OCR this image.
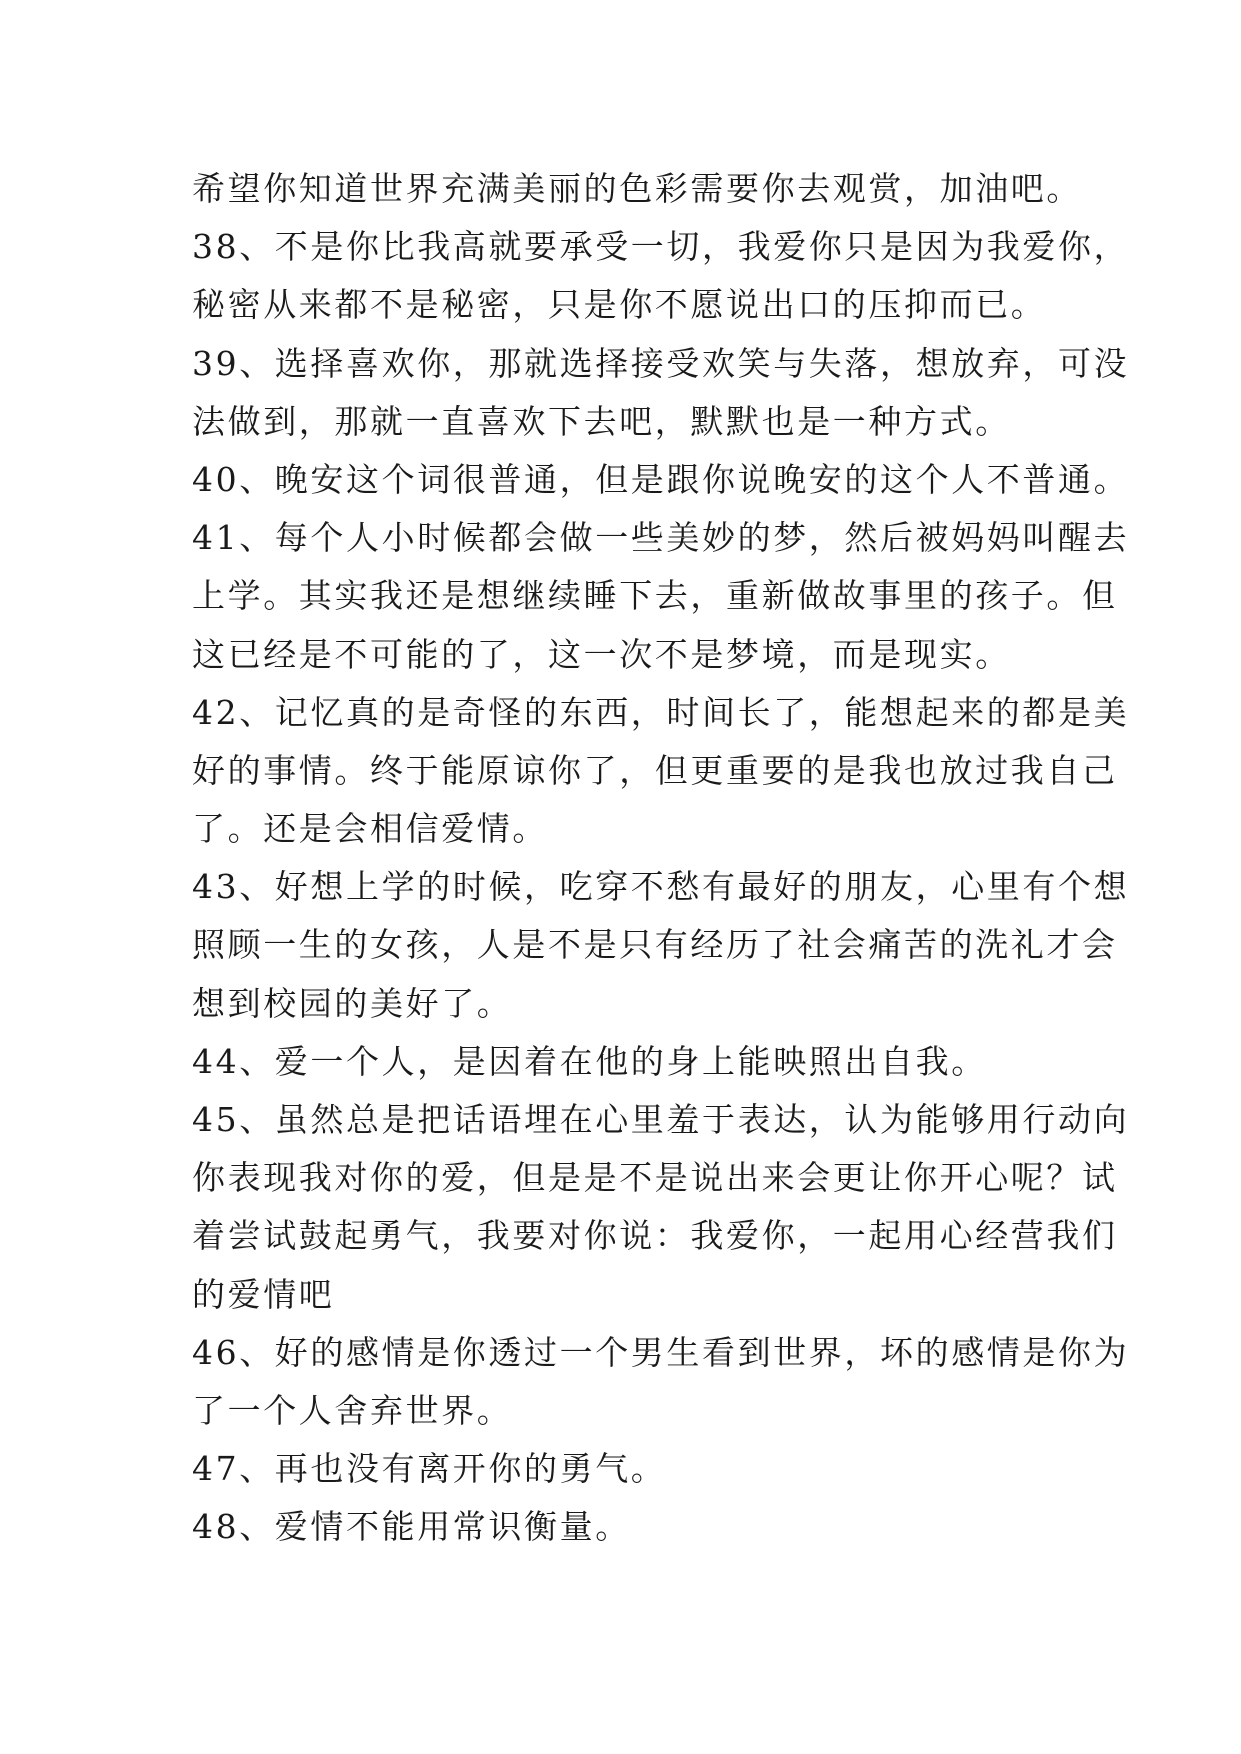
希望你知道世界充满美丽的色彩需要你去观赏，加油吧。
38、不是你比我高就要承受一切，我爱你只是因为我爱你，
秘密从来都不是秘密，只是你不愿说出口的压抑而已。
39、选择喜欢你，那就选择接受欢笑与失落，想放弃，可没
法做到，那就一直喜欢下去吧，默默也是一种方式。
40、晚安这个词很普通，但是跟你说晚安的这个人不普通。
41、每个人小时候都会做一些美妙的梦，然后被妈妈叫醒去
上学。其实我还是想继续睡下去，重新做故事里的孩子。但
这已经是不可能的了，这一次不是梦境，而是现实。
42、记忆真的是奇怪的东西，时间长了，能想起来的都是美
好的事情。终于能原谅你了，但更重要的是我也放过我自己
了。还是会相信爱情。
43、好想上学的时候，吃穿不愁有最好的朋友，心里有个想
照顾一生的女孩，人是不是只有经历了社会痛苦的洗礼才会
想到校园的美好了。
44、爱一个人，是因着在他的身上能映照出自我。
45、虽然总是把话语埋在心里羞于表达，认为能够用行动向
你表现我对你的爱，但是是不是说出来会更让你开心呢？试
着尝试鼓起勇气，我要对你说：我爱你，一起用心经营我们
的爱情吧
46、好的感情是你透过一个男生看到世界，坏的感情是你为
了一个人舍弃世界。
47、再也没有离开你的勇气。
48、爱情不能用常识衡量。
